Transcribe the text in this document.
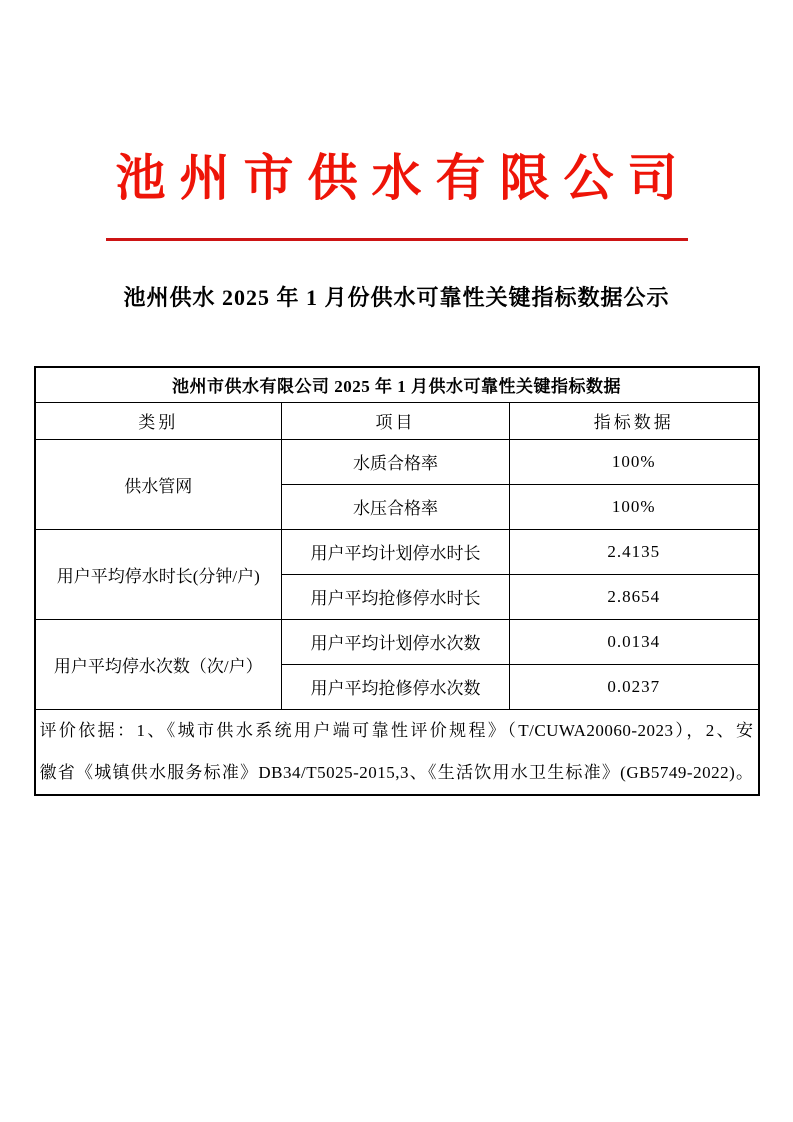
池州市供水有限公司
池州供水 2025 年 1 月份供水可靠性关键指标数据公示
池州市供水有限公司 2025 年 1 月供水可靠性关键指标数据		
类别	项目	指标数据
供水管网	水质合格率	100%
	水压合格率	100%
用户平均停水时长(分钟/户)	用户平均计划停水时长	2.4135
	用户平均抢修停水时长	2.8654
用户平均停水次数（次/户）	用户平均计划停水次数	0.0134
	用户平均抢修停水次数	0.0237

评价依据：1、《城市供水系统用户端可靠性评价规程》（T/CUWA20060-2023），2、安
徽省《城镇供水服务标准》DB34/T5025-2015,3、《生活饮用水卫生标准》(GB5749-2022)。		
